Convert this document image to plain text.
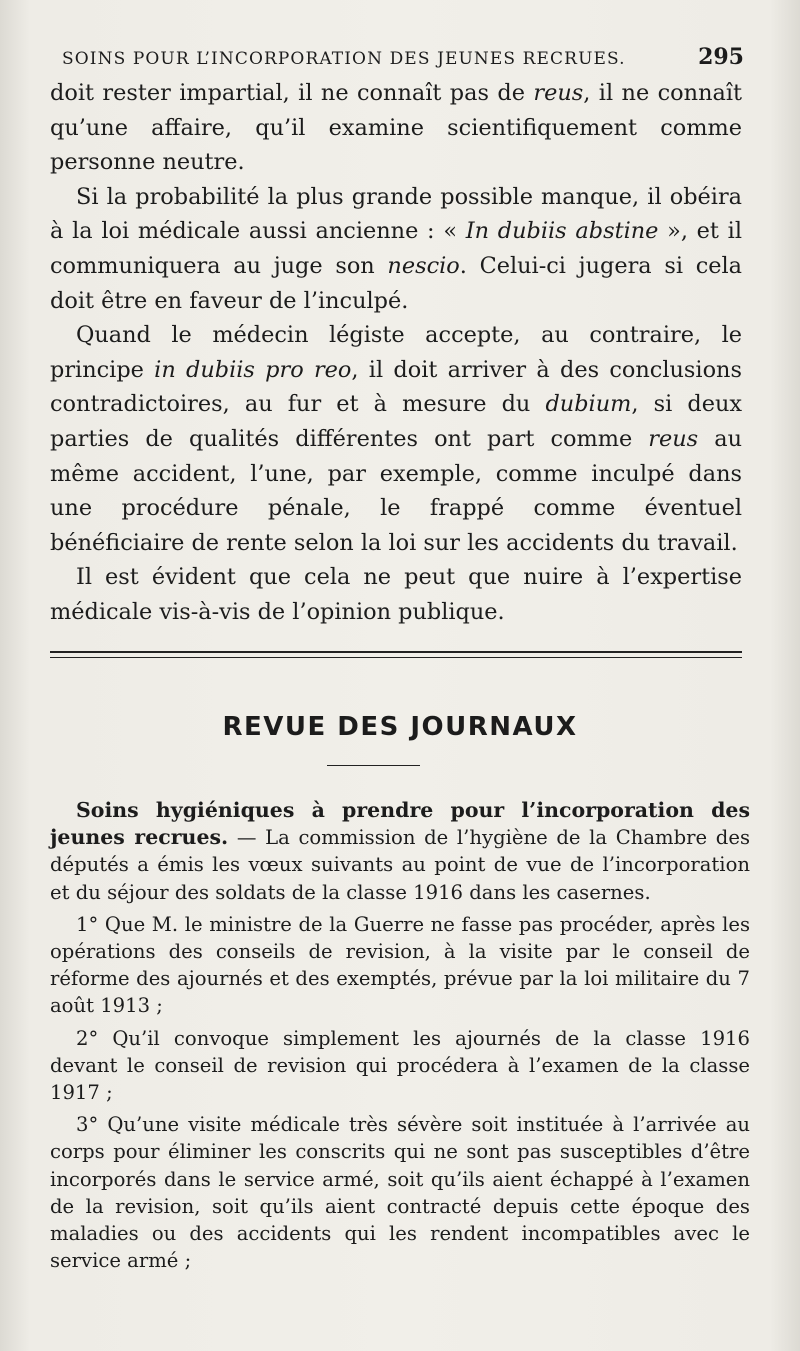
SOINS POUR L’INCORPORATION DES JEUNES RECRUES.	295

doit rester impartial, il ne connaît pas de reus, il ne connaît qu’une affaire, qu’il examine scientifiquement comme personne neutre.

Si la probabilité la plus grande possible manque, il obéira à la loi médicale aussi ancienne : « In dubiis abstine », et il communiquera au juge son nescio. Celui-ci jugera si cela doit être en faveur de l’inculpé.

Quand le médecin légiste accepte, au contraire, le principe in dubiis pro reo, il doit arriver à des conclusions contradictoires, au fur et à mesure du dubium, si deux parties de qualités différentes ont part comme reus au même accident, l’une, par exemple, comme inculpé dans une procédure pénale, le frappé comme éventuel bénéficiaire de rente selon la loi sur les accidents du travail.

Il est évident que cela ne peut que nuire à l’expertise médicale vis-à-vis de l’opinion publique.

REVUE DES JOURNAUX

Soins hygiéniques à prendre pour l’incorporation des jeunes recrues. — La commission de l’hygiène de la Chambre des députés a émis les vœux suivants au point de vue de l’incorporation et du séjour des soldats de la classe 1916 dans les casernes.

1° Que M. le ministre de la Guerre ne fasse pas procéder, après les opérations des conseils de revision, à la visite par le conseil de réforme des ajournés et des exemptés, prévue par la loi militaire du 7 août 1913 ;

2° Qu’il convoque simplement les ajournés de la classe 1916 devant le conseil de revision qui procédera à l’examen de la classe 1917 ;

3° Qu’une visite médicale très sévère soit instituée à l’arrivée au corps pour éliminer les conscrits qui ne sont pas susceptibles d’être incorporés dans le service armé, soit qu’ils aient échappé à l’examen de la revision, soit qu’ils aient contracté depuis cette époque des maladies ou des accidents qui les rendent incompatibles avec le service armé ;
